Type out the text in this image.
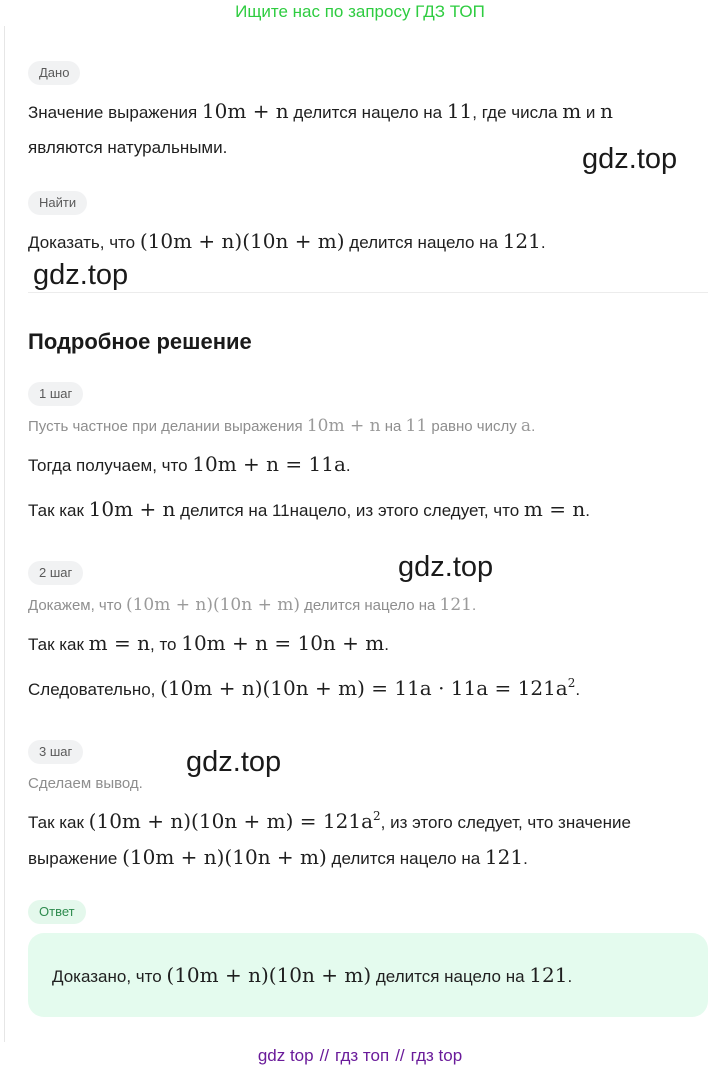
Ищите нас по запросу ГДЗ ТОП
Дано
Значение выражения 10m + n делится нацело на 11, где числа m и n
являются натуральными.
Найти
Доказать, что (10m + n)(10n + m) делится нацело на 121.
Подробное решение
1 шаг
Пусть частное при делании выражения 10m + n на 11 равно числу a.
Тогда получаем, что 10m + n = 11a.
Так как 10m + n делится на 11нацело, из этого следует, что m = n.
2 шаг
Докажем, что (10m + n)(10n + m) делится нацело на 121.
Так как m = n, то 10m + n = 10n + m.
Следовательно, $(10m + n)(10n + m) = 11a \cdot 11a = 121a^2$.
3 шаг
Сделаем вывод.
Так как $(10m + n)(10n + m) = 121a^2$, из этого следует, что значение
выражение (10m + n)(10n + m) делится нацело на 121.
Ответ
Доказано, что (10m + n)(10n + m) делится нацело на 121.
gdz.top
gdz.top
gdz.top
gdz.top
gdz top // гдз топ // гдз top
